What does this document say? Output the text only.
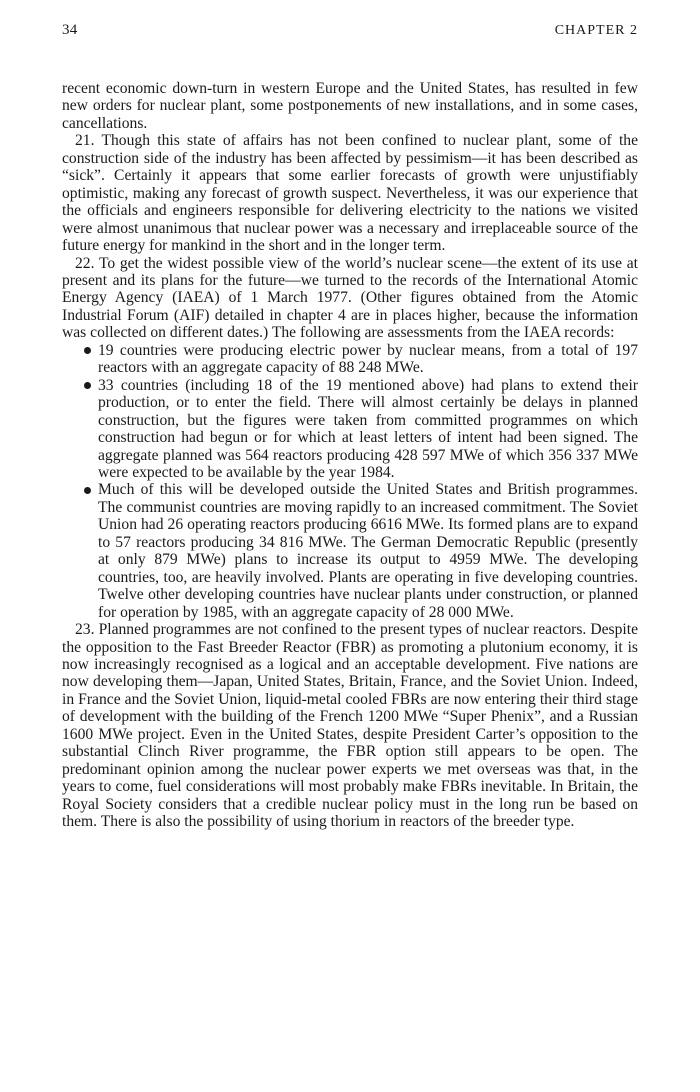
34	CHAPTER 2

recent economic down-turn in western Europe and the United States, has resulted in few new orders for nuclear plant, some postponements of new installations, and in some cases, cancellations.

21. Though this state of affairs has not been confined to nuclear plant, some of the construction side of the industry has been affected by pessimism—it has been described as “sick”. Certainly it appears that some earlier forecasts of growth were unjustifiably optimistic, making any forecast of growth suspect. Nevertheless, it was our experience that the officials and engineers responsible for delivering electricity to the nations we visited were almost unanimous that nuclear power was a necessary and irreplaceable source of the future energy for mankind in the short and in the longer term.

22. To get the widest possible view of the world’s nuclear scene—the extent of its use at present and its plans for the future—we turned to the records of the International Atomic Energy Agency (IAEA) of 1 March 1977. (Other figures obtained from the Atomic Industrial Forum (AIF) detailed in chapter 4 are in places higher, because the information was collected on different dates.) The following are assessments from the IAEA records:

19 countries were producing electric power by nuclear means, from a total of 197 reactors with an aggregate capacity of 88 248 MWe.
33 countries (including 18 of the 19 mentioned above) had plans to extend their production, or to enter the field. There will almost certainly be delays in planned construction, but the figures were taken from committed programmes on which construction had begun or for which at least letters of intent had been signed. The aggregate planned was 564 reactors producing 428 597 MWe of which 356 337 MWe were expected to be available by the year 1984.
Much of this will be developed outside the United States and British programmes. The communist countries are moving rapidly to an increased commitment. The Soviet Union had 26 operating reactors producing 6616 MWe. Its formed plans are to expand to 57 reactors producing 34 816 MWe. The German Democratic Republic (presently at only 879 MWe) plans to increase its output to 4959 MWe. The developing countries, too, are heavily involved. Plants are operating in five developing countries. Twelve other developing countries have nuclear plants under construction, or planned for operation by 1985, with an aggregate capacity of 28 000 MWe.

23. Planned programmes are not confined to the present types of nuclear reactors. Despite the opposition to the Fast Breeder Reactor (FBR) as promoting a plutonium economy, it is now increasingly recognised as a logical and an acceptable development. Five nations are now developing them—Japan, United States, Britain, France, and the Soviet Union. Indeed, in France and the Soviet Union, liquid-metal cooled FBRs are now entering their third stage of development with the building of the French 1200 MWe “Super Phenix”, and a Russian 1600 MWe project. Even in the United States, despite President Carter’s opposition to the substantial Clinch River programme, the FBR option still appears to be open. The predominant opinion among the nuclear power experts we met overseas was that, in the years to come, fuel considerations will most probably make FBRs inevitable. In Britain, the Royal Society considers that a credible nuclear policy must in the long run be based on them. There is also the possibility of using thorium in reactors of the breeder type.
